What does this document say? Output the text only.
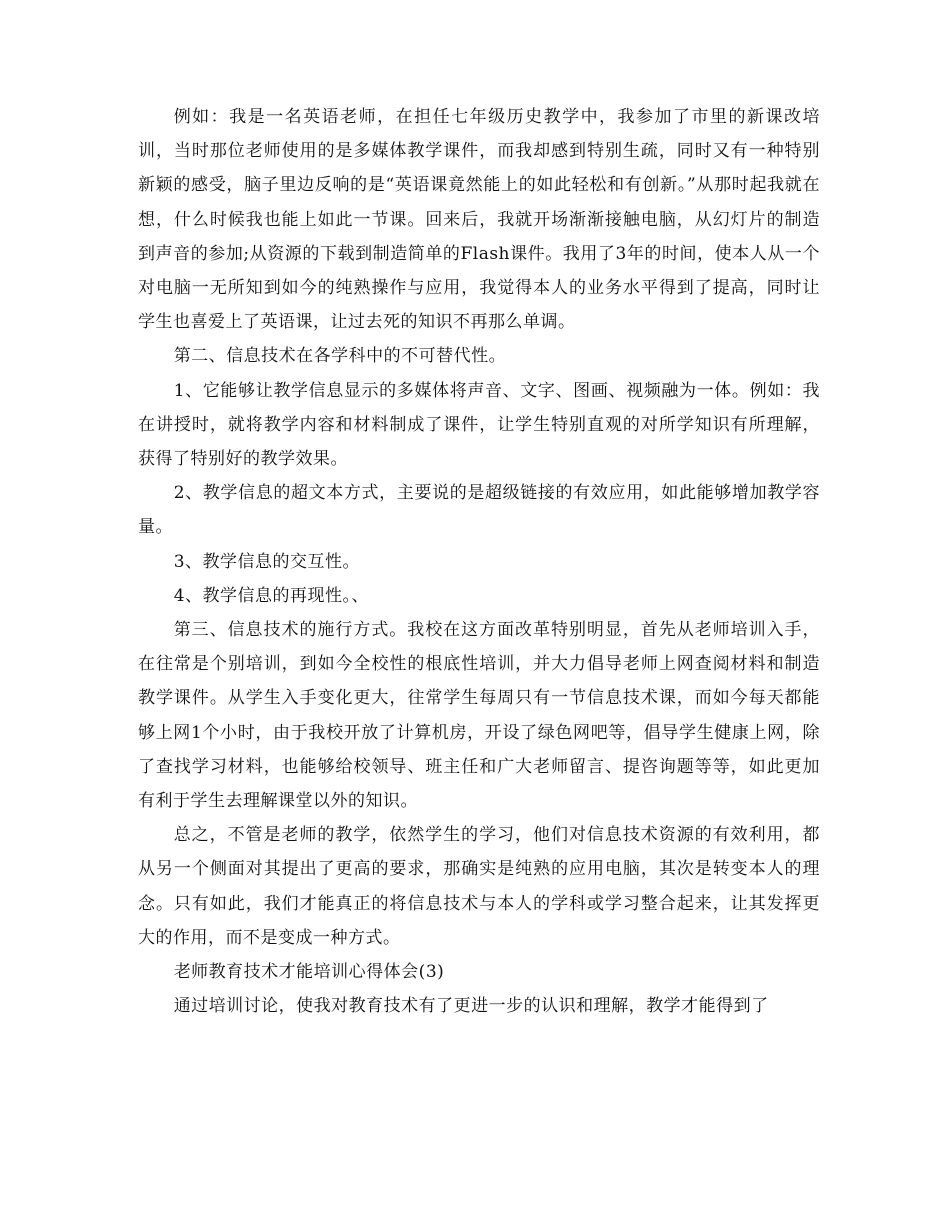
例如：我是一名英语老师，在担任七年级历史教学中，我参加了市里的新课改培训，当时那位老师使用的是多媒体教学课件，而我却感到特别生疏，同时又有一种特别新颖的感受，脑子里边反响的是“英语课竟然能上的如此轻松和有创新。”从那时起我就在想，什么时候我也能上如此一节课。回来后，我就开场渐渐接触电脑，从幻灯片的制造到声音的参加;从资源的下载到制造简单的Flash课件。我用了3年的时间，使本人从一个对电脑一无所知到如今的纯熟操作与应用，我觉得本人的业务水平得到了提高，同时让学生也喜爱上了英语课，让过去死的知识不再那么单调。

第二、信息技术在各学科中的不可替代性。

1、它能够让教学信息显示的多媒体将声音、文字、图画、视频融为一体。例如：我在讲授时，就将教学内容和材料制成了课件，让学生特别直观的对所学知识有所理解，获得了特别好的教学效果。

2、教学信息的超文本方式，主要说的是超级链接的有效应用，如此能够增加教学容量。

3、教学信息的交互性。

4、教学信息的再现性。、

第三、信息技术的施行方式。我校在这方面改革特别明显，首先从老师培训入手，在往常是个别培训，到如今全校性的根底性培训，并大力倡导老师上网查阅材料和制造教学课件。从学生入手变化更大，往常学生每周只有一节信息技术课，而如今每天都能够上网1个小时，由于我校开放了计算机房，开设了绿色网吧等，倡导学生健康上网，除了查找学习材料，也能够给校领导、班主任和广大老师留言、提咨询题等等，如此更加有利于学生去理解课堂以外的知识。

总之，不管是老师的教学，依然学生的学习，他们对信息技术资源的有效利用，都从另一个侧面对其提出了更高的要求，那确实是纯熟的应用电脑，其次是转变本人的理念。只有如此，我们才能真正的将信息技术与本人的学科或学习整合起来，让其发挥更大的作用，而不是变成一种方式。

老师教育技术才能培训心得体会(3)

通过培训讨论，使我对教育技术有了更进一步的认识和理解，教学才能得到了
